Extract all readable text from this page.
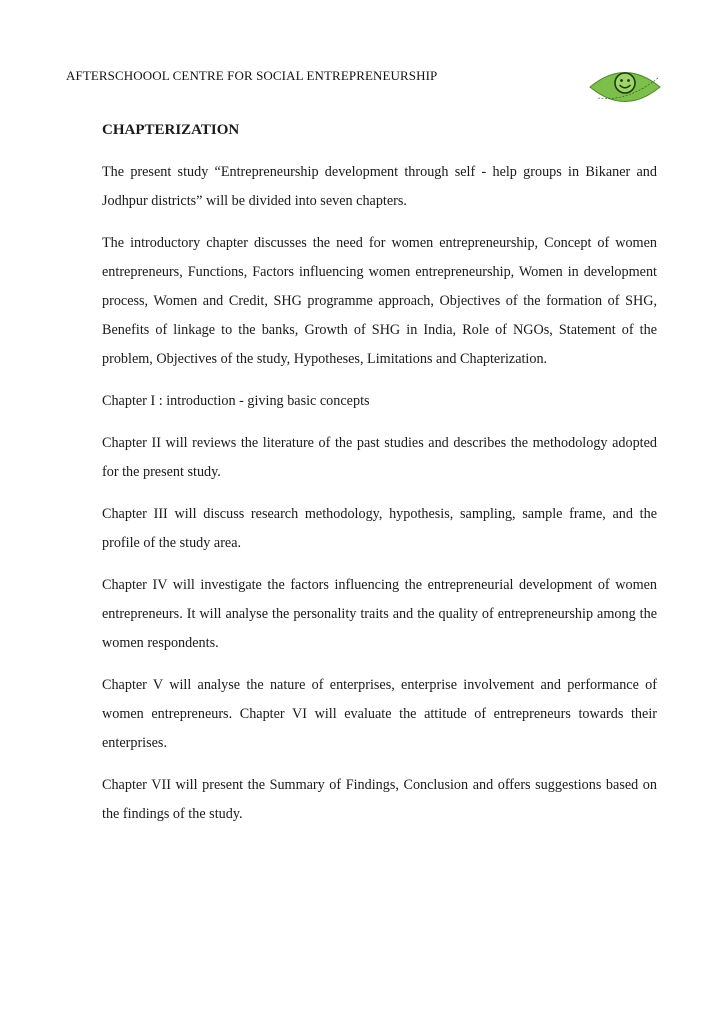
AFTERSCHOOOL CENTRE FOR SOCIAL ENTREPRENEURSHIP
CHAPTERIZATION

The present study “Entrepreneurship development through self - help groups in Bikaner and Jodhpur districts” will be divided into seven chapters.

The introductory chapter discusses the need for women entrepreneurship, Concept of women entrepreneurs, Functions, Factors influencing women entrepreneurship, Women in development process, Women and Credit, SHG programme approach, Objectives of the formation of SHG, Benefits of linkage to the banks, Growth of SHG in India, Role of NGOs, Statement of the problem, Objectives of the study, Hypotheses, Limitations and Chapterization.

Chapter I : introduction - giving basic concepts

Chapter II will reviews the literature of the past studies and describes the methodology adopted for the present study.

Chapter III will discuss research methodology, hypothesis, sampling, sample frame, and the profile of the study area.

Chapter IV will investigate the factors influencing the entrepreneurial development of women entrepreneurs. It will analyse the personality traits and the quality of entrepreneurship among the women respondents.

Chapter V will analyse the nature of enterprises, enterprise involvement and performance of women entrepreneurs. Chapter VI will evaluate the attitude of entrepreneurs towards their enterprises.

Chapter VII will present the Summary of Findings, Conclusion and offers suggestions based on the findings of the study.
